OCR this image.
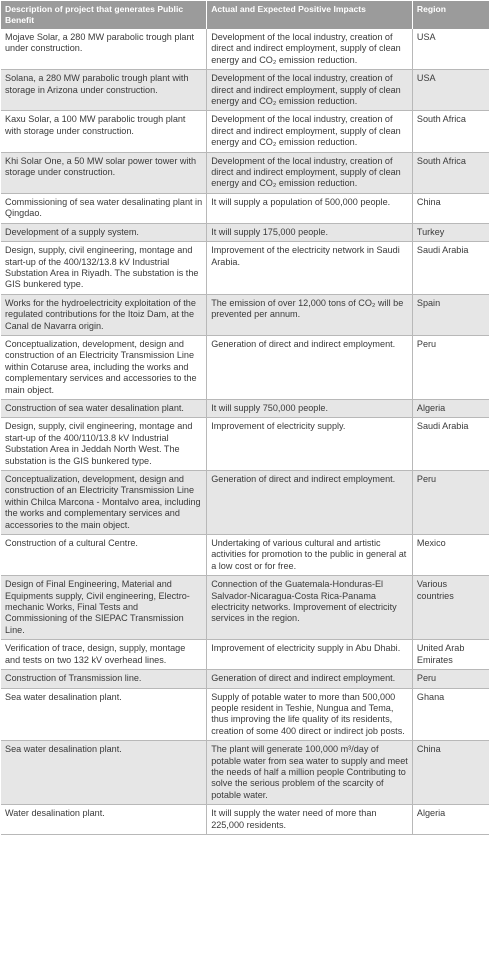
Description of project that generates Public Benefit	Actual and Expected Positive Impacts	Region
Mojave Solar, a 280 MW parabolic trough plant under construction.	Development of the local industry, creation of direct and indirect employment, supply of clean energy and CO₂ emission reduction.	USA
Solana, a 280 MW parabolic trough plant with storage in Arizona under construction.	Development of the local industry, creation of direct and indirect employment, supply of clean energy and CO₂ emission reduction.	USA
Kaxu Solar, a 100 MW parabolic trough plant with storage under construction.	Development of the local industry, creation of direct and indirect employment, supply of clean energy and CO₂ emission reduction.	South Africa
Khi Solar One, a 50 MW solar power tower with storage under construction.	Development of the local industry, creation of direct and indirect employment, supply of clean energy and CO₂ emission reduction.	South Africa
Commissioning of sea water desalinating plant in Qingdao.	It will supply a population of 500,000 people.	China
Development of a supply system.	It will supply 175,000 people.	Turkey
Design, supply, civil engineering, montage and start-up of the 400/132/13.8 kV Industrial Substation Area in Riyadh. The substation is the GIS bunkered type.	Improvement of the electricity network in Saudi Arabia.	Saudi Arabia
Works for the hydroelectricity exploitation of the regulated contributions for the Itoiz Dam, at the Canal de Navarra origin.	The emission of over 12,000 tons of CO₂ will be prevented per annum.	Spain
Conceptualization, development, design and construction of an Electricity Transmission Line within Cotaruse area, including the works and complementary services and accessories to the main object.	Generation of direct and indirect employment.	Peru
Construction of sea water desalination plant.	It will supply 750,000 people.	Algeria
Design, supply, civil engineering, montage and start-up of the 400/110/13.8 kV Industrial Substation Area in Jeddah North West. The substation is the GIS bunkered type.	Improvement of electricity supply.	Saudi Arabia
Conceptualization, development, design and construction of an Electricity Transmission Line within Chilca Marcona - Montalvo area, including the works and complementary services and accessories to the main object.	Generation of direct and indirect employment.	Peru
Construction of a cultural Centre.	Undertaking of various cultural and artistic activities for promotion to the public in general at a low cost or for free.	Mexico
Design of Final Engineering, Material and Equipments supply, Civil engineering, Electro-mechanic Works, Final Tests and Commissioning of the SIEPAC Transmission Line.	Connection of the Guatemala-Honduras-El Salvador-Nicaragua-Costa Rica-Panama electricity networks. Improvement of electricity services in the region.	Various countries
Verification of trace, design, supply, montage and tests on two 132 kV overhead lines.	Improvement of electricity supply in Abu Dhabi.	United Arab Emirates
Construction of Transmission line.	Generation of direct and indirect employment.	Peru
Sea water desalination plant.	Supply of potable water to more than 500,000 people resident in Teshie, Nungua and Tema, thus improving the life quality of its residents, creation of some 400 direct or indirect job posts.	Ghana
Sea water desalination plant.	The plant will generate 100,000 m³/day of potable water from sea water to supply and meet the needs of half a million people Contributing to solve the serious problem of the scarcity of potable water.	China
Water desalination plant.	It will supply the water need of more than 225,000 residents.	Algeria
